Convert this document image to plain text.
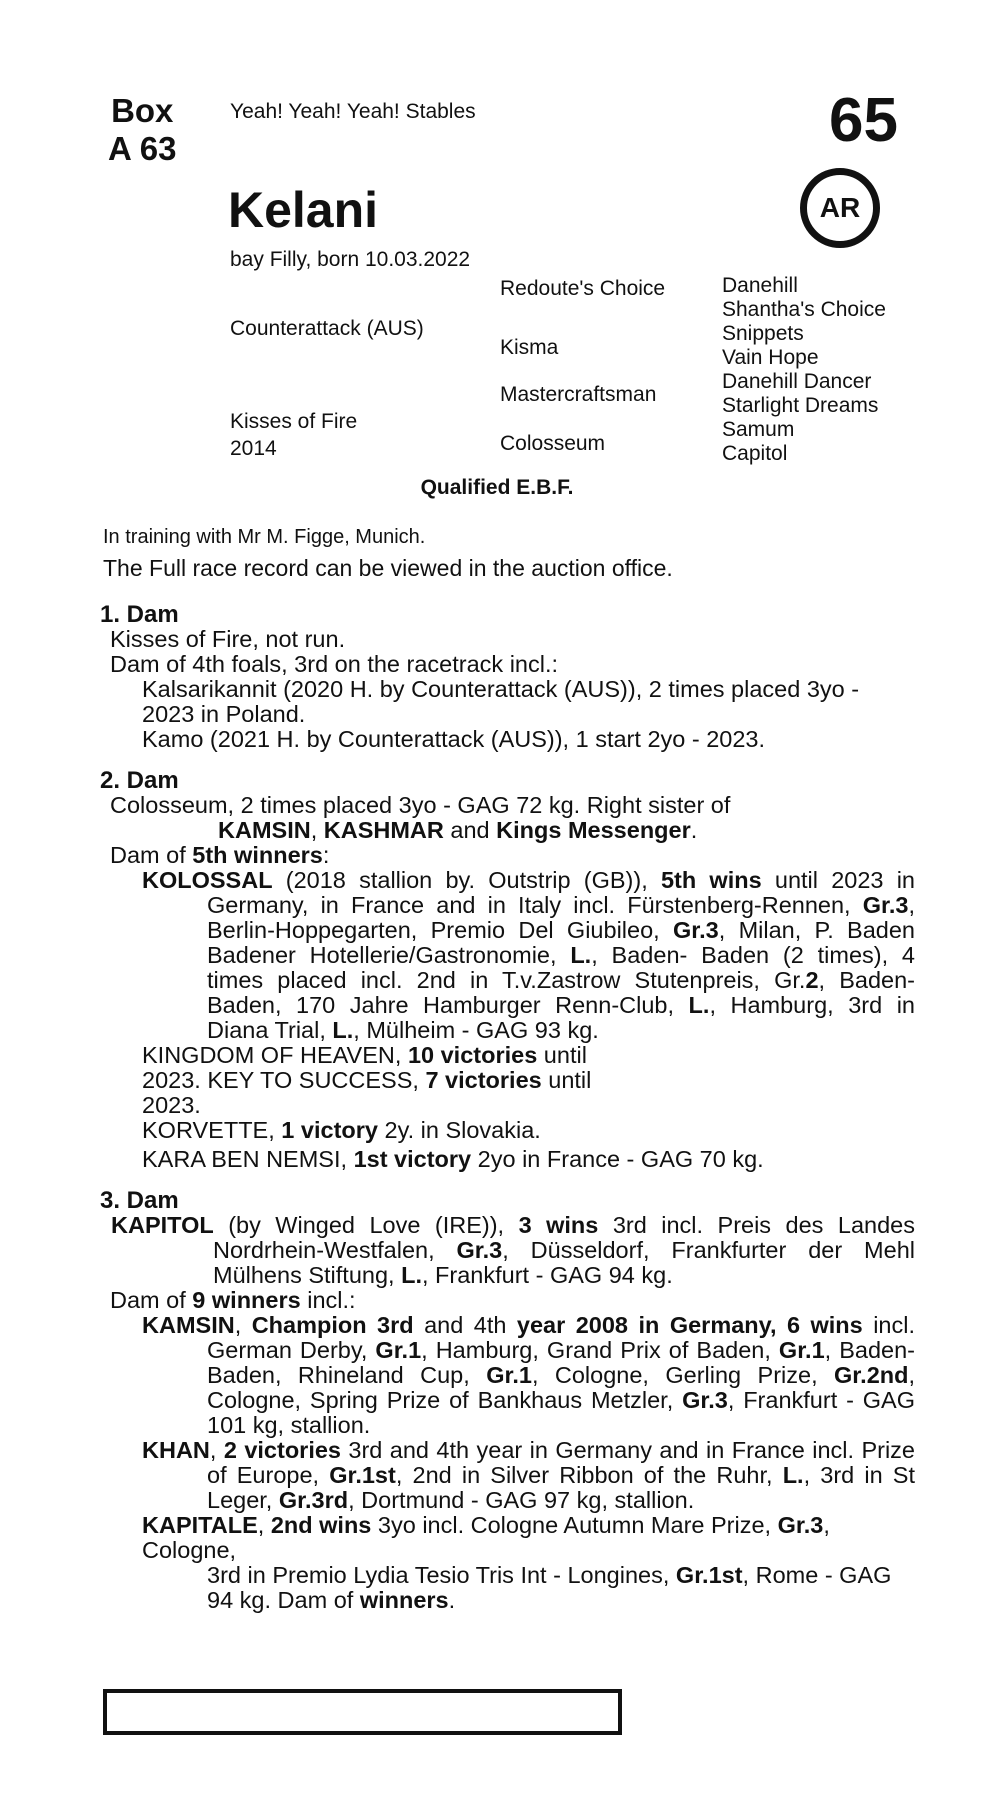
Box
A 63
Yeah! Yeah! Yeah! Stables	65
AR
Kelani
bay Filly, born 10.03.2022
Counterattack (AUS)
Kisses of Fire
2014
Redoute's Choice
Kisma
Mastercraftsman
Colosseum
Danehill
Shantha's Choice
Snippets
Vain Hope
Danehill Dancer
Starlight Dreams
Samum
Capitol
Qualified E.B.F.
In training with Mr M. Figge, Munich.
The Full race record can be viewed in the auction office.
1. Dam
Kisses of Fire, not run.
Dam of 4th foals, 3rd on the racetrack incl.:
Kalsarikannit (2020 H. by Counterattack (AUS)), 2 times placed 3yo - 2023 in Poland.
Kamo (2021 H. by Counterattack (AUS)), 1 start 2yo - 2023.
2. Dam
Colosseum, 2 times placed 3yo - GAG 72 kg. Right sister of
KAMSIN, KASHMAR and Kings Messenger.
Dam of 5th winners:
KOLOSSAL (2018 stallion by. Outstrip (GB)), 5th wins until 2023 in Germany, in France and in Italy incl. Fürstenberg-Rennen, Gr.3, Berlin-Hoppegarten, Premio Del Giubileo, Gr.3, Milan, P. Baden Badener Hotellerie/Gastronomie, L., Baden- Baden (2 times), 4 times placed incl. 2nd in T.v.Zastrow Stutenpreis, Gr.2, Baden-Baden, 170 Jahre Hamburger Renn-Club, L., Hamburg, 3rd in Diana Trial, L., Mülheim - GAG 93 kg.
KINGDOM OF HEAVEN, 10 victories until 2023. KEY TO SUCCESS, 7 victories until 2023.
KORVETTE, 1 victory 2y. in Slovakia.
KARA BEN NEMSI, 1st victory 2yo in France - GAG 70 kg.
3. Dam
KAPITOL (by Winged Love (IRE)), 3 wins 3rd incl. Preis des Landes Nordrhein-Westfalen, Gr.3, Düsseldorf, Frankfurter der Mehl Mülhens Stiftung, L., Frankfurt - GAG 94 kg.
Dam of 9 winners incl.:
KAMSIN, Champion 3rd and 4th year 2008 in Germany, 6 wins incl. German Derby, Gr.1, Hamburg, Grand Prix of Baden, Gr.1, Baden-Baden, Rhineland Cup, Gr.1, Cologne, Gerling Prize, Gr.2nd, Cologne, Spring Prize of Bankhaus Metzler, Gr.3, Frankfurt - GAG 101 kg, stallion.
KHAN, 2 victories 3rd and 4th year in Germany and in France incl. Prize of Europe, Gr.1st, 2nd in Silver Ribbon of the Ruhr, L., 3rd in St Leger, Gr.3rd, Dortmund - GAG 97 kg, stallion.
KAPITALE, 2nd wins 3yo incl. Cologne Autumn Mare Prize, Gr.3, Cologne,
3rd in Premio Lydia Tesio Tris Int - Longines, Gr.1st, Rome - GAG 94 kg. Dam of winners.
